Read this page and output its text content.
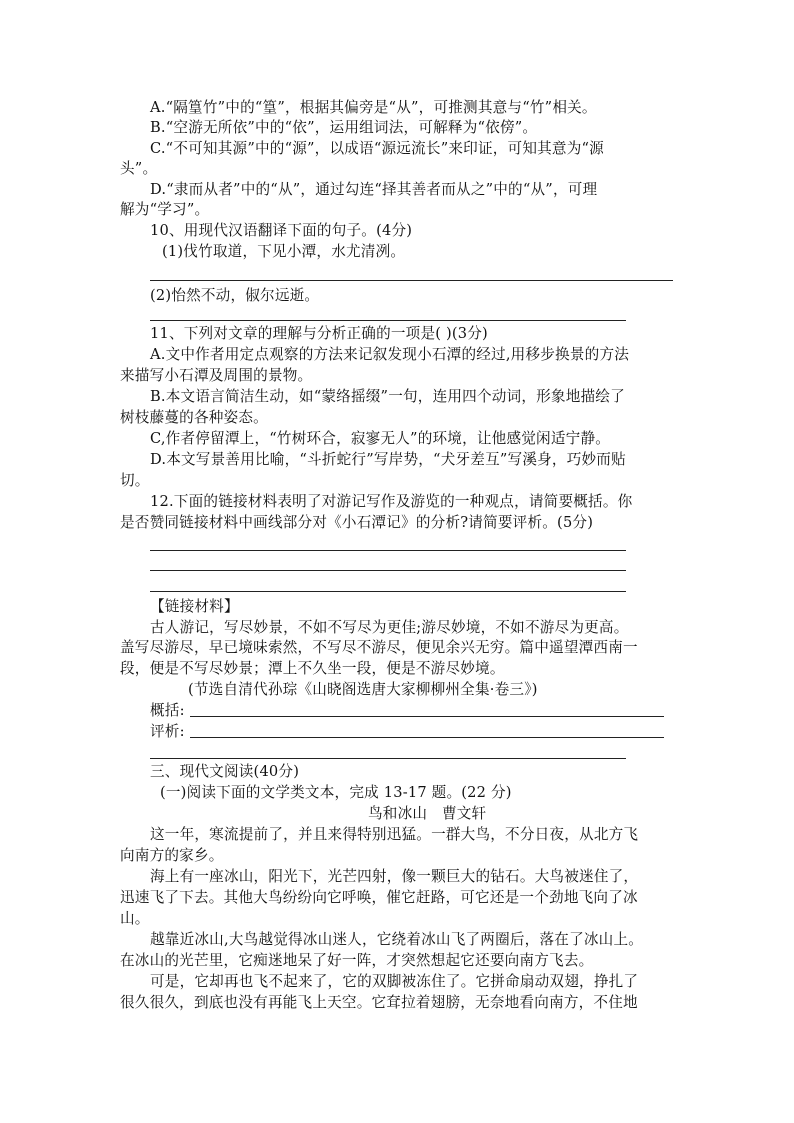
A.“隔篁竹”中的“篁”，根据其偏旁是“从”，可推测其意与“竹”相关。
B.“空游无所依”中的“依”，运用组词法，可解释为“依傍”。
C.“不可知其源”中的“源”，以成语“源远流长”来印证，可知其意为“源
头”。
D.“隶而从者”中的“从”，通过勾连“择其善者而从之”中的“从”，可理
解为“学习”。
10、用现代汉语翻译下面的句子。(4分)
(1)伐竹取道，下见小潭，水尤清冽。
(2)怡然不动，俶尔远逝。
11、下列对文章的理解与分析正确的一项是( )(3分)
A.文中作者用定点观察的方法来记叙发现小石潭的经过,用移步换景的方法
来描写小石潭及周围的景物。
B.本文语言简洁生动，如“蒙络摇缀”一句，连用四个动词，形象地描绘了
树枝藤蔓的各种姿态。
C,作者停留潭上，“竹树环合，寂寥无人”的环境，让他感觉闲适宁静。
D.本文写景善用比喻，“斗折蛇行”写岸势，“犬牙差互”写溪身，巧妙而贴
切。
12.下面的链接材料表明了对游记写作及游览的一种观点，请简要概括。你
是否赞同链接材料中画线部分对《小石潭记》的分析?请简要评析。(5分)
【链接材料】
古人游记，写尽妙景，不如不写尽为更佳;游尽妙境，不如不游尽为更高。
盖写尽游尽，早已境味索然，不写尽不游尽，便见余兴无穷。篇中遥望潭西南一
段，便是不写尽妙景；潭上不久坐一段，便是不游尽妙境。
(节选自清代孙琮《山晓阁选唐大家柳柳州全集·卷三》)
概括:
评析:
三、现代文阅读(40分)
(一)阅读下面的文学类文本，完成 13-17 题。(22 分)
鸟和冰山　曹文轩
这一年，寒流提前了，并且来得特别迅猛。一群大鸟，不分日夜，从北方飞
向南方的家乡。
海上有一座冰山，阳光下，光芒四射，像一颗巨大的钻石。大鸟被迷住了，
迅速飞了下去。其他大鸟纷纷向它呼唤，催它赶路，可它还是一个劲地飞向了冰
山。
越靠近冰山,大鸟越觉得冰山迷人，它绕着冰山飞了两圈后，落在了冰山上。
在冰山的光芒里，它痴迷地呆了好一阵，才突然想起它还要向南方飞去。
可是，它却再也飞不起来了，它的双脚被冻住了。它拼命扇动双翅，挣扎了
很久很久，到底也没有再能飞上天空。它耷拉着翅膀，无奈地看向南方，不住地
